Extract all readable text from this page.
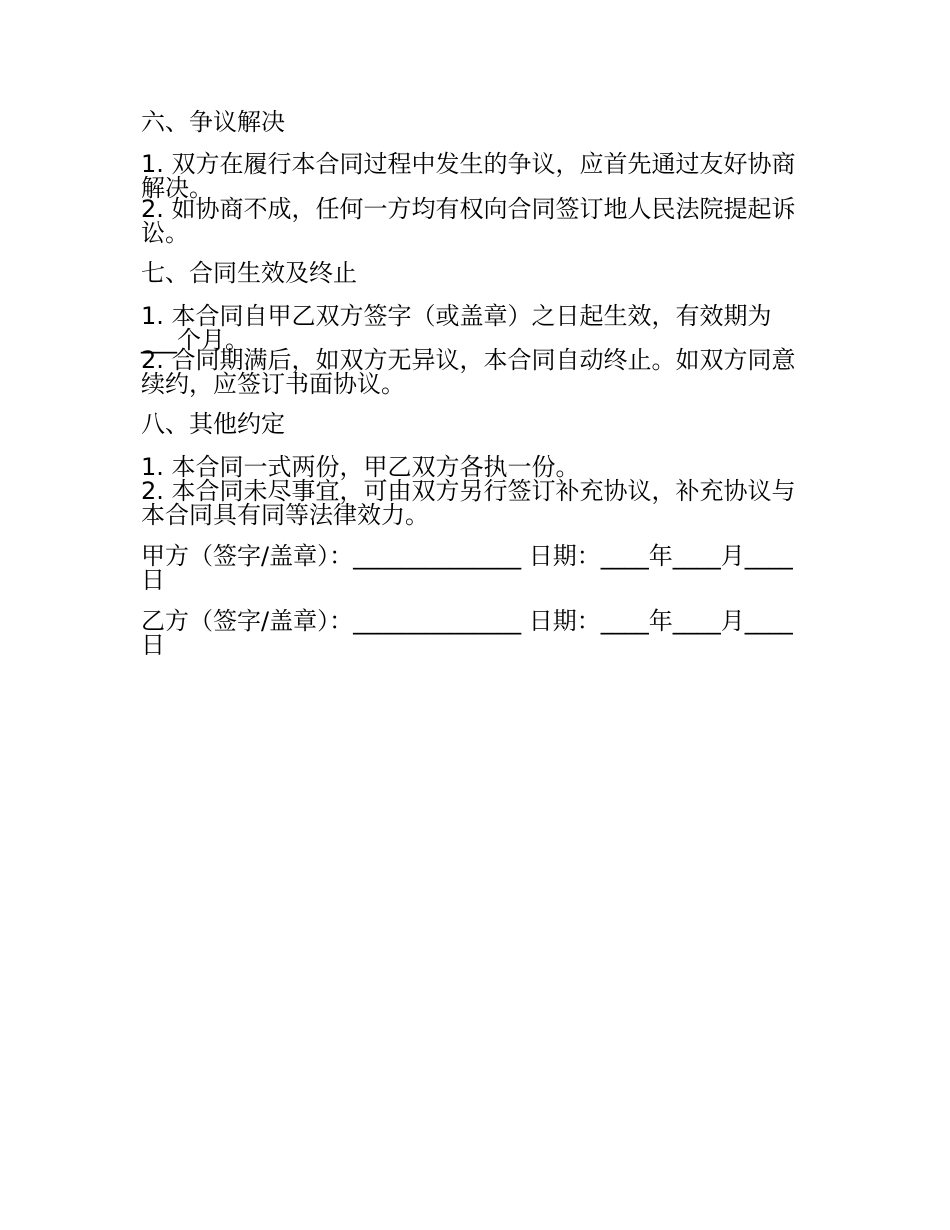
六、争议解决
1. 双方在履行本合同过程中发生的争议，应首先通过友好协商解决。
2. 如协商不成，任何一方均有权向合同签订地人民法院提起诉讼。
七、合同生效及终止
1. 本合同自甲乙双方签字（或盖章）之日起生效，有效期为___个月。
2. 合同期满后，如双方无异议，本合同自动终止。如双方同意续约，应签订书面协议。
八、其他约定
1. 本合同一式两份，甲乙双方各执一份。
2. 本合同未尽事宜，可由双方另行签订补充协议，补充协议与本合同具有同等法律效力。
甲方（签字/盖章）：______________ 日期：____年____月____日
乙方（签字/盖章）：______________ 日期：____年____月____日
